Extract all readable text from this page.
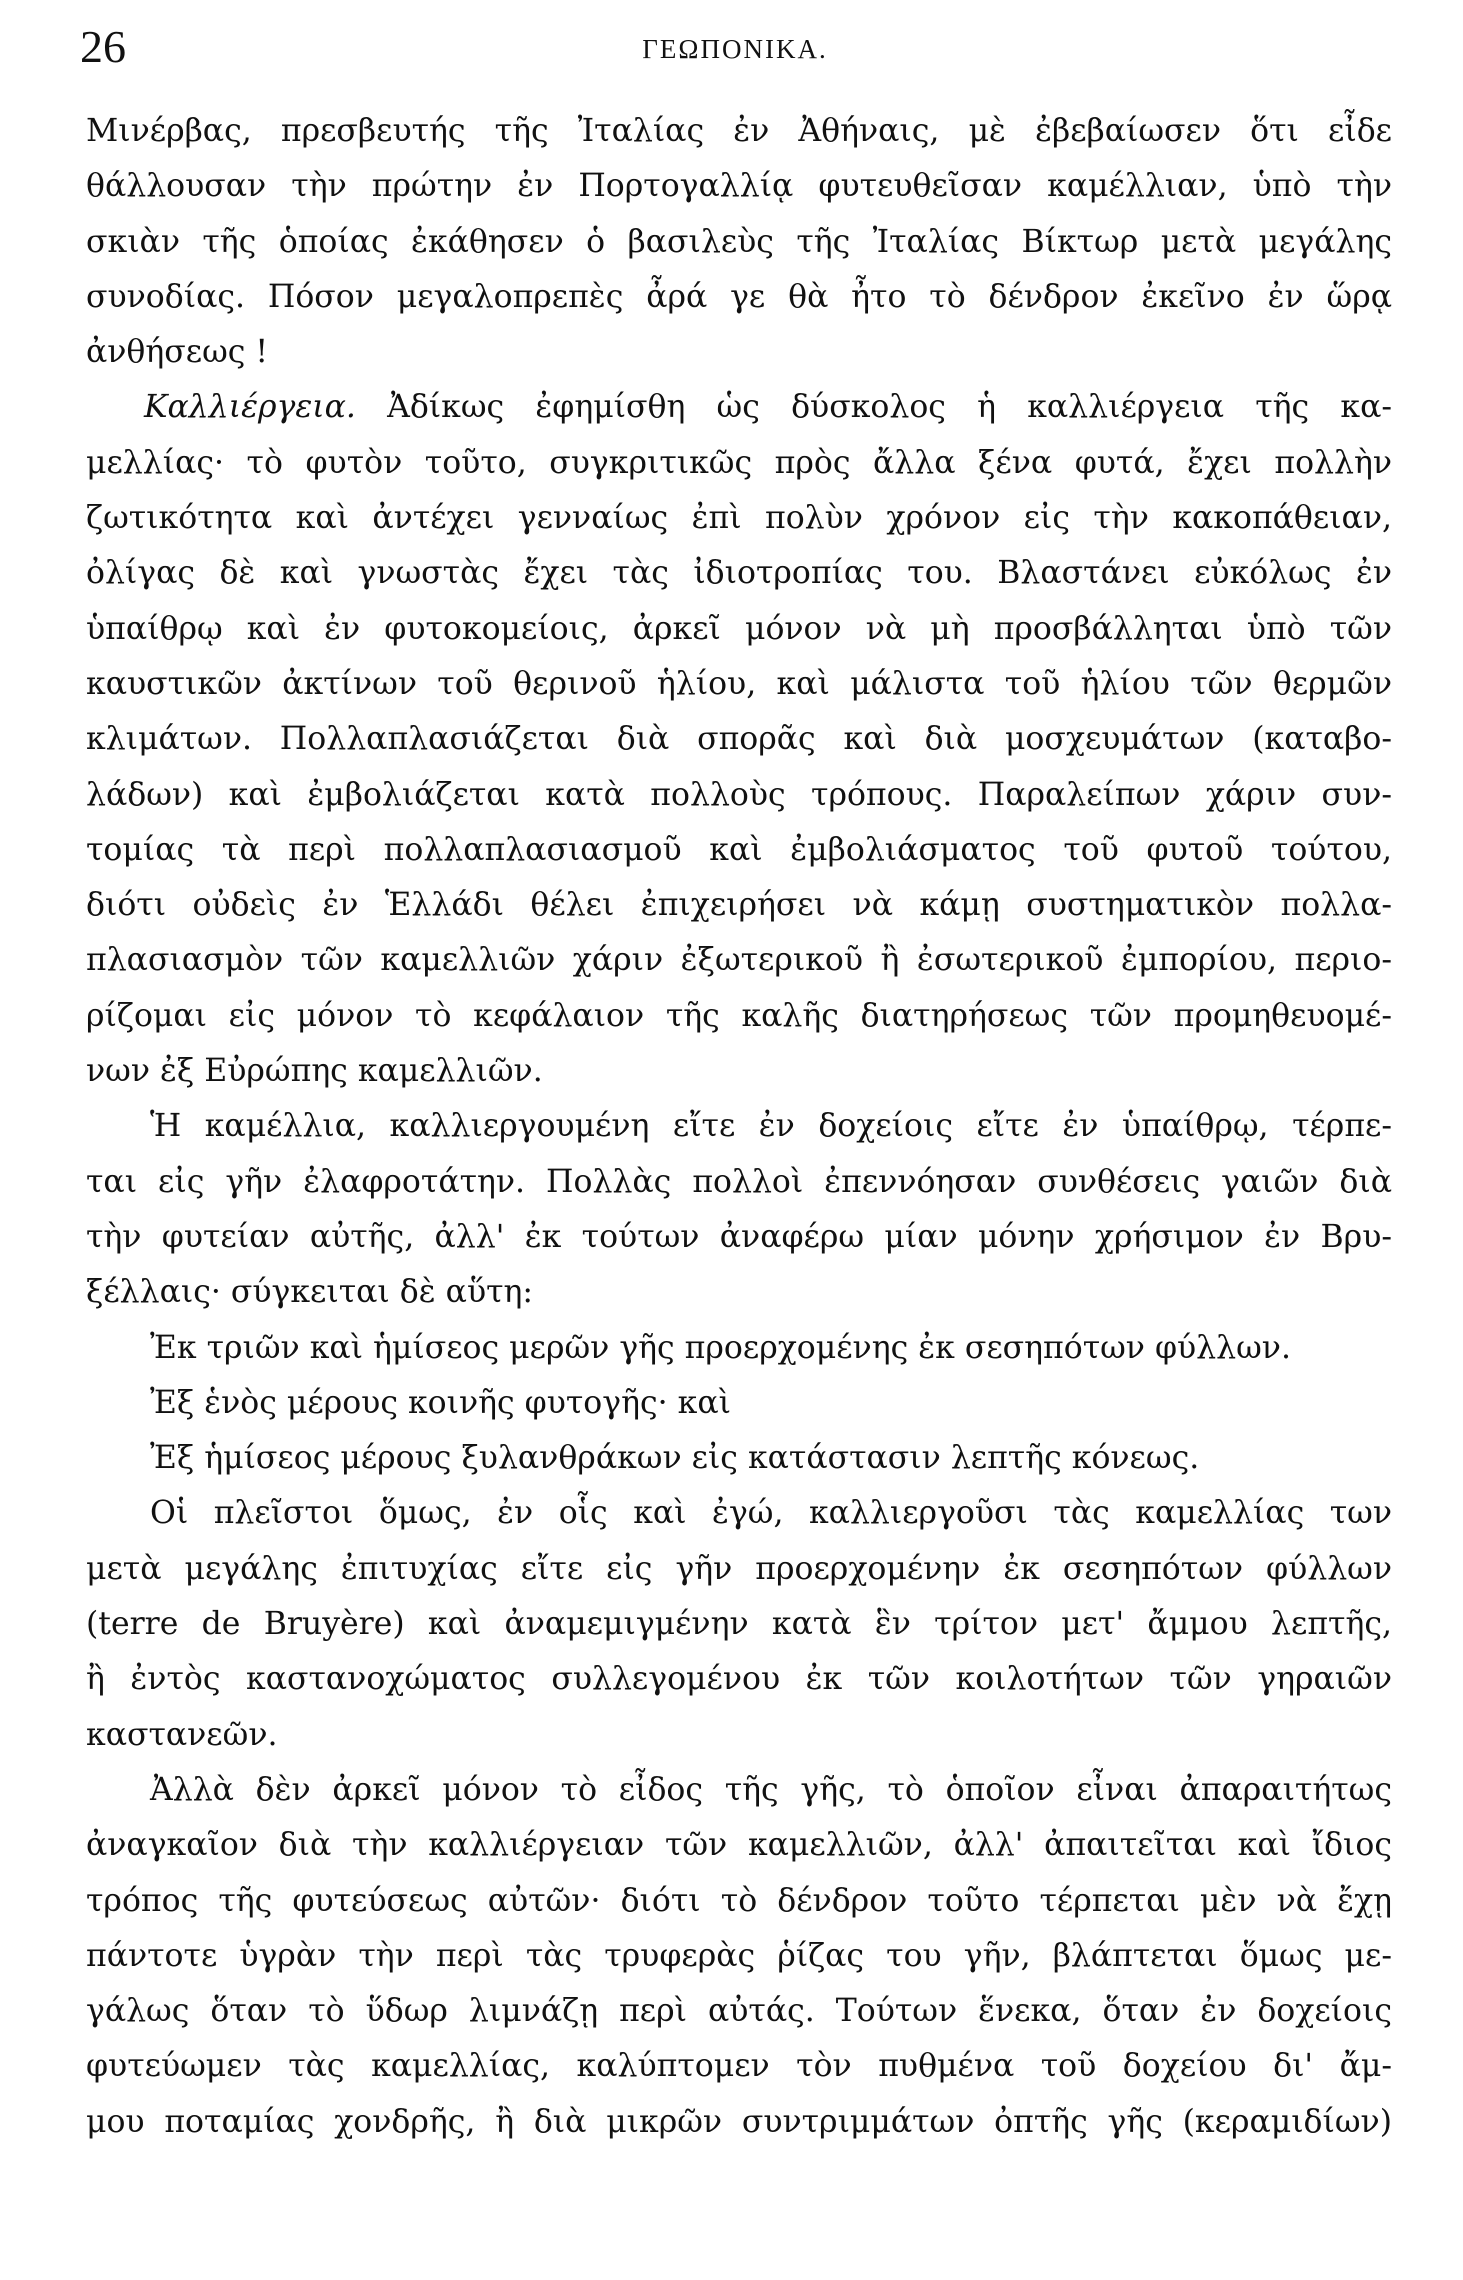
26	ΓΕΩΠΟΝΙΚΑ.
Μινέρβας, πρεσβευτής τῆς Ἰταλίας ἐν Ἀθήναις, μὲ ἐβεβαίωσεν ὅτι εἶδε
θάλλουσαν τὴν πρώτην ἐν Πορτογαλλίᾳ φυτευθεῖσαν καμέλλιαν, ὑπὸ τὴν
σκιὰν τῆς ὁποίας ἐκάθησεν ὁ βασιλεὺς τῆς Ἰταλίας Βίκτωρ μετὰ μεγάλης
συνοδίας. Πόσον μεγαλοπρεπὲς ἆρά γε θὰ ἦτο τὸ δένδρον ἐκεῖνο ἐν ὥρᾳ
ἀνθήσεως !
Καλλιέργεια. Ἀδίκως ἐφημίσθη ὡς δύσκολος ἡ καλλιέργεια τῆς κα-
μελλίας· τὸ φυτὸν τοῦτο, συγκριτικῶς πρὸς ἄλλα ξένα φυτά, ἔχει πολλὴν
ζωτικότητα καὶ ἀντέχει γενναίως ἐπὶ πολὺν χρόνον εἰς τὴν κακοπάθειαν,
ὀλίγας δὲ καὶ γνωστὰς ἔχει τὰς ἰδιοτροπίας του. Βλαστάνει εὐκόλως ἐν
ὑπαίθρῳ καὶ ἐν φυτοκομείοις, ἀρκεῖ μόνον νὰ μὴ προσβάλληται ὑπὸ τῶν
καυστικῶν ἀκτίνων τοῦ θερινοῦ ἡλίου, καὶ μάλιστα τοῦ ἡλίου τῶν θερμῶν
κλιμάτων. Πολλαπλασιάζεται διὰ σπορᾶς καὶ διὰ μοσχευμάτων (καταβο-
λάδων) καὶ ἐμβολιάζεται κατὰ πολλοὺς τρόπους. Παραλείπων χάριν συν-
τομίας τὰ περὶ πολλαπλασιασμοῦ καὶ ἐμβολιάσματος τοῦ φυτοῦ τούτου,
διότι οὐδεὶς ἐν Ἑλλάδι θέλει ἐπιχειρήσει νὰ κάμῃ συστηματικὸν πολλα-
πλασιασμὸν τῶν καμελλιῶν χάριν ἐξωτερικοῦ ἢ ἐσωτερικοῦ ἐμπορίου, περιο-
ρίζομαι εἰς μόνον τὸ κεφάλαιον τῆς καλῆς διατηρήσεως τῶν προμηθευομέ-
νων ἐξ Εὐρώπης καμελλιῶν.
Ἡ καμέλλια, καλλιεργουμένη εἴτε ἐν δοχείοις εἴτε ἐν ὑπαίθρῳ, τέρπε-
ται εἰς γῆν ἐλαφροτάτην. Πολλὰς πολλοὶ ἐπεννόησαν συνθέσεις γαιῶν διὰ
τὴν φυτείαν αὐτῆς, ἀλλ' ἐκ τούτων ἀναφέρω μίαν μόνην χρήσιμον ἐν Βρυ-
ξέλλαις· σύγκειται δὲ αὕτη:
Ἐκ τριῶν καὶ ἡμίσεος μερῶν γῆς προερχομένης ἐκ σεσηπότων φύλλων.
Ἐξ ἑνὸς μέρους κοινῆς φυτογῆς· καὶ
Ἐξ ἡμίσεος μέρους ξυλανθράκων εἰς κατάστασιν λεπτῆς κόνεως.
Οἱ πλεῖστοι ὅμως, ἐν οἷς καὶ ἐγώ, καλλιεργοῦσι τὰς καμελλίας των
μετὰ μεγάλης ἐπιτυχίας εἴτε εἰς γῆν προερχομένην ἐκ σεσηπότων φύλλων
(terre de Bruyère) καὶ ἀναμεμιγμένην κατὰ ἓν τρίτον μετ' ἄμμου λεπτῆς,
ἢ ἐντὸς καστανοχώματος συλλεγομένου ἐκ τῶν κοιλοτήτων τῶν γηραιῶν
καστανεῶν.
Ἀλλὰ δὲν ἀρκεῖ μόνον τὸ εἶδος τῆς γῆς, τὸ ὁποῖον εἶναι ἀπαραιτήτως
ἀναγκαῖον διὰ τὴν καλλιέργειαν τῶν καμελλιῶν, ἀλλ' ἀπαιτεῖται καὶ ἴδιος
τρόπος τῆς φυτεύσεως αὐτῶν· διότι τὸ δένδρον τοῦτο τέρπεται μὲν νὰ ἔχῃ
πάντοτε ὑγρὰν τὴν περὶ τὰς τρυφερὰς ῥίζας του γῆν, βλάπτεται ὅμως με-
γάλως ὅταν τὸ ὕδωρ λιμνάζῃ περὶ αὐτάς. Τούτων ἕνεκα, ὅταν ἐν δοχείοις
φυτεύωμεν τὰς καμελλίας, καλύπτομεν τὸν πυθμένα τοῦ δοχείου δι' ἄμ-
μου ποταμίας χονδρῆς, ἢ διὰ μικρῶν συντριμμάτων ὀπτῆς γῆς (κεραμιδίων)
